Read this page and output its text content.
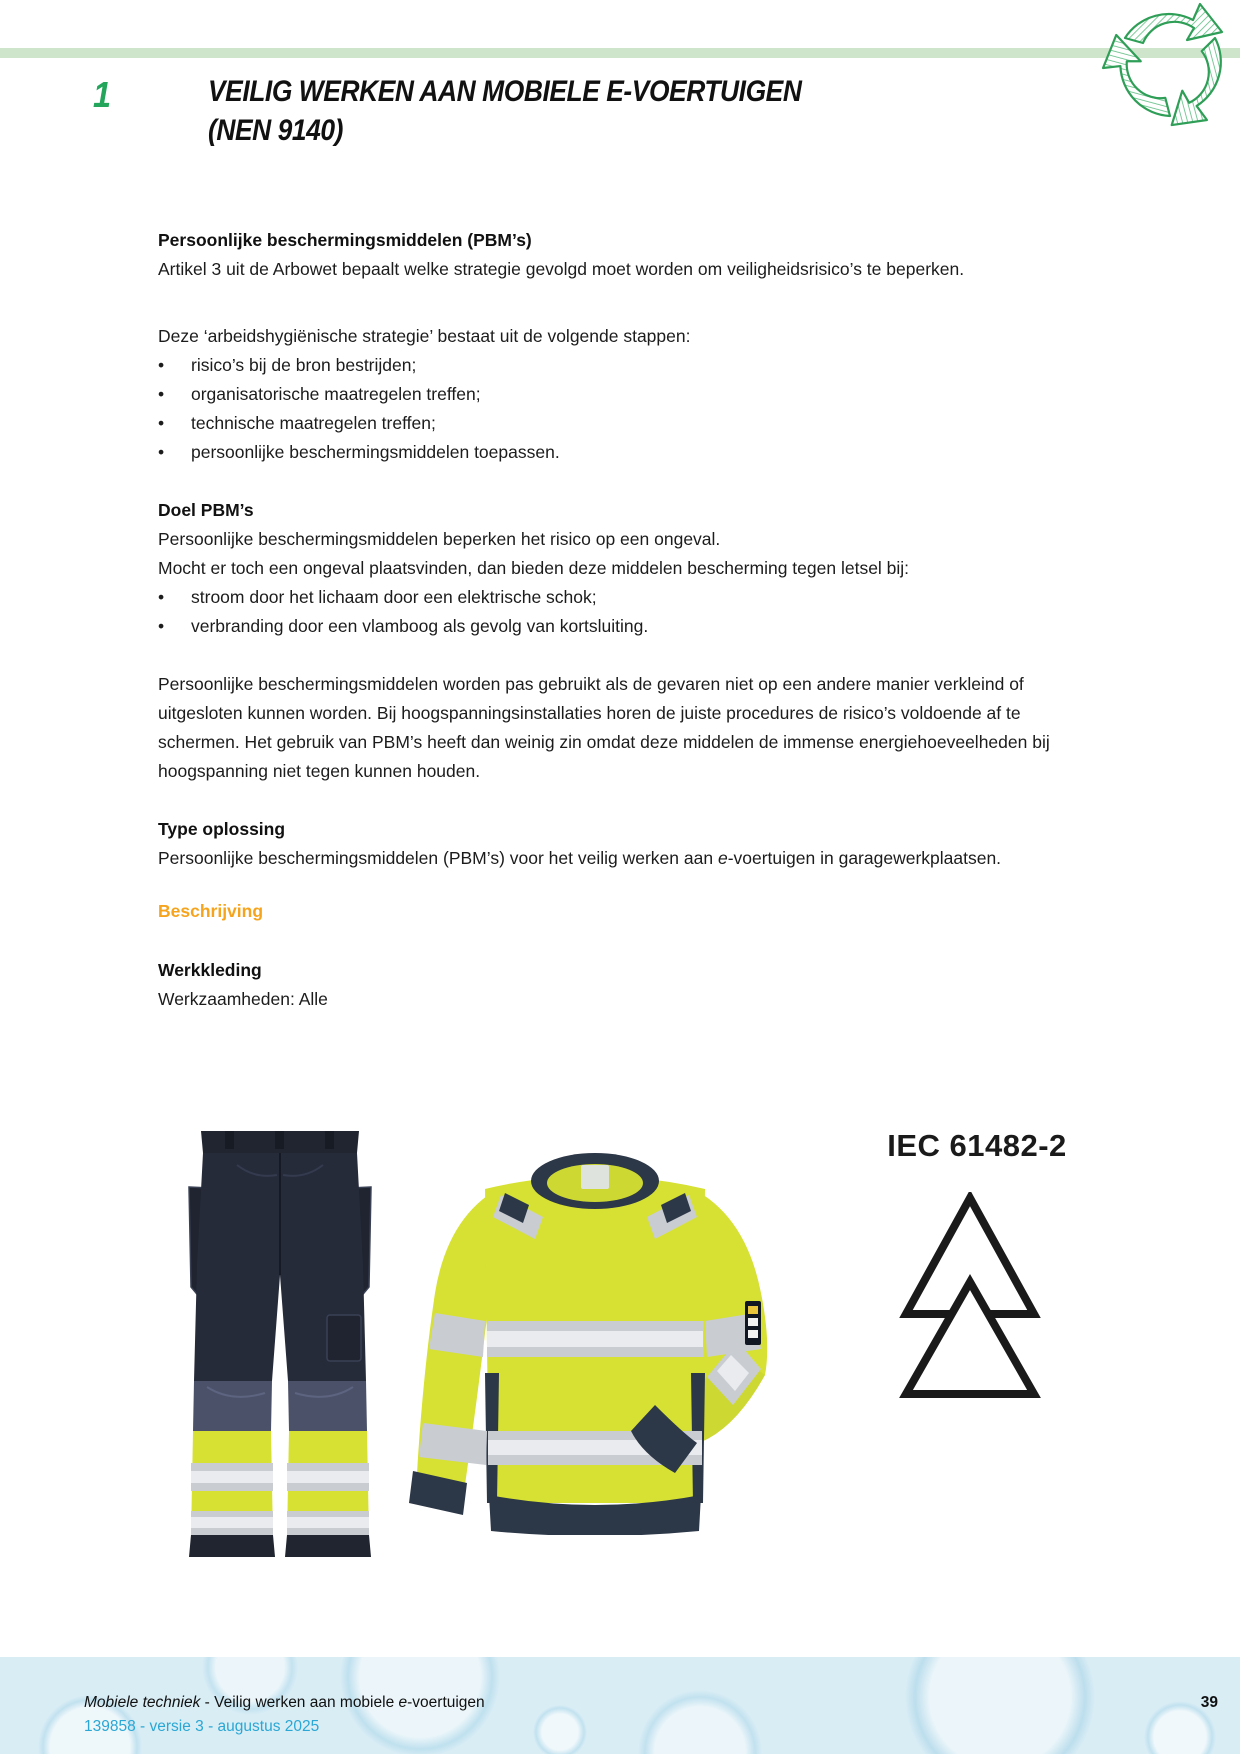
1	VEILIG WERKEN AAN MOBIELE E-VOERTUIGEN
(NEN 9140)
Persoonlijke beschermingsmiddelen (PBM’s)

Artikel 3 uit de Arbowet bepaalt welke strategie gevolgd moet worden om veiligheidsrisico’s te beperken.

Deze ‘arbeidshygiënische strategie’ bestaat uit de volgende stappen:

•	risico’s bij de bron bestrijden;
•	organisatorische maatregelen treffen;
•	technische maatregelen treffen;
•	persoonlijke beschermingsmiddelen toepassen.
Doel PBM’s

Persoonlijke beschermingsmiddelen beperken het risico op een ongeval.

Mocht er toch een ongeval plaatsvinden, dan bieden deze middelen bescherming tegen letsel bij:

•	stroom door het lichaam door een elektrische schok;
•	verbranding door een vlamboog als gevolg van kortsluiting.

Persoonlijke beschermingsmiddelen worden pas gebruikt als de gevaren niet op een andere manier verkleind of uitgesloten kunnen worden. Bij hoogspanningsinstallaties horen de juiste procedures de risico’s voldoende af te schermen. Het gebruik van PBM’s heeft dan weinig zin omdat deze middelen de immense energiehoeveelheden bij hoogspanning niet tegen kunnen houden.

Type oplossing

Persoonlijke beschermingsmiddelen (PBM’s) voor het veilig werken aan e-voertuigen in garagewerkplaatsen.

Beschrijving
Werkkleding

Werkzaamheden: Alle

IEC 61482-2
Mobiele techniek - Veilig werken aan mobiele e-voertuigen
139858 - versie 3 - augustus 2025
39
